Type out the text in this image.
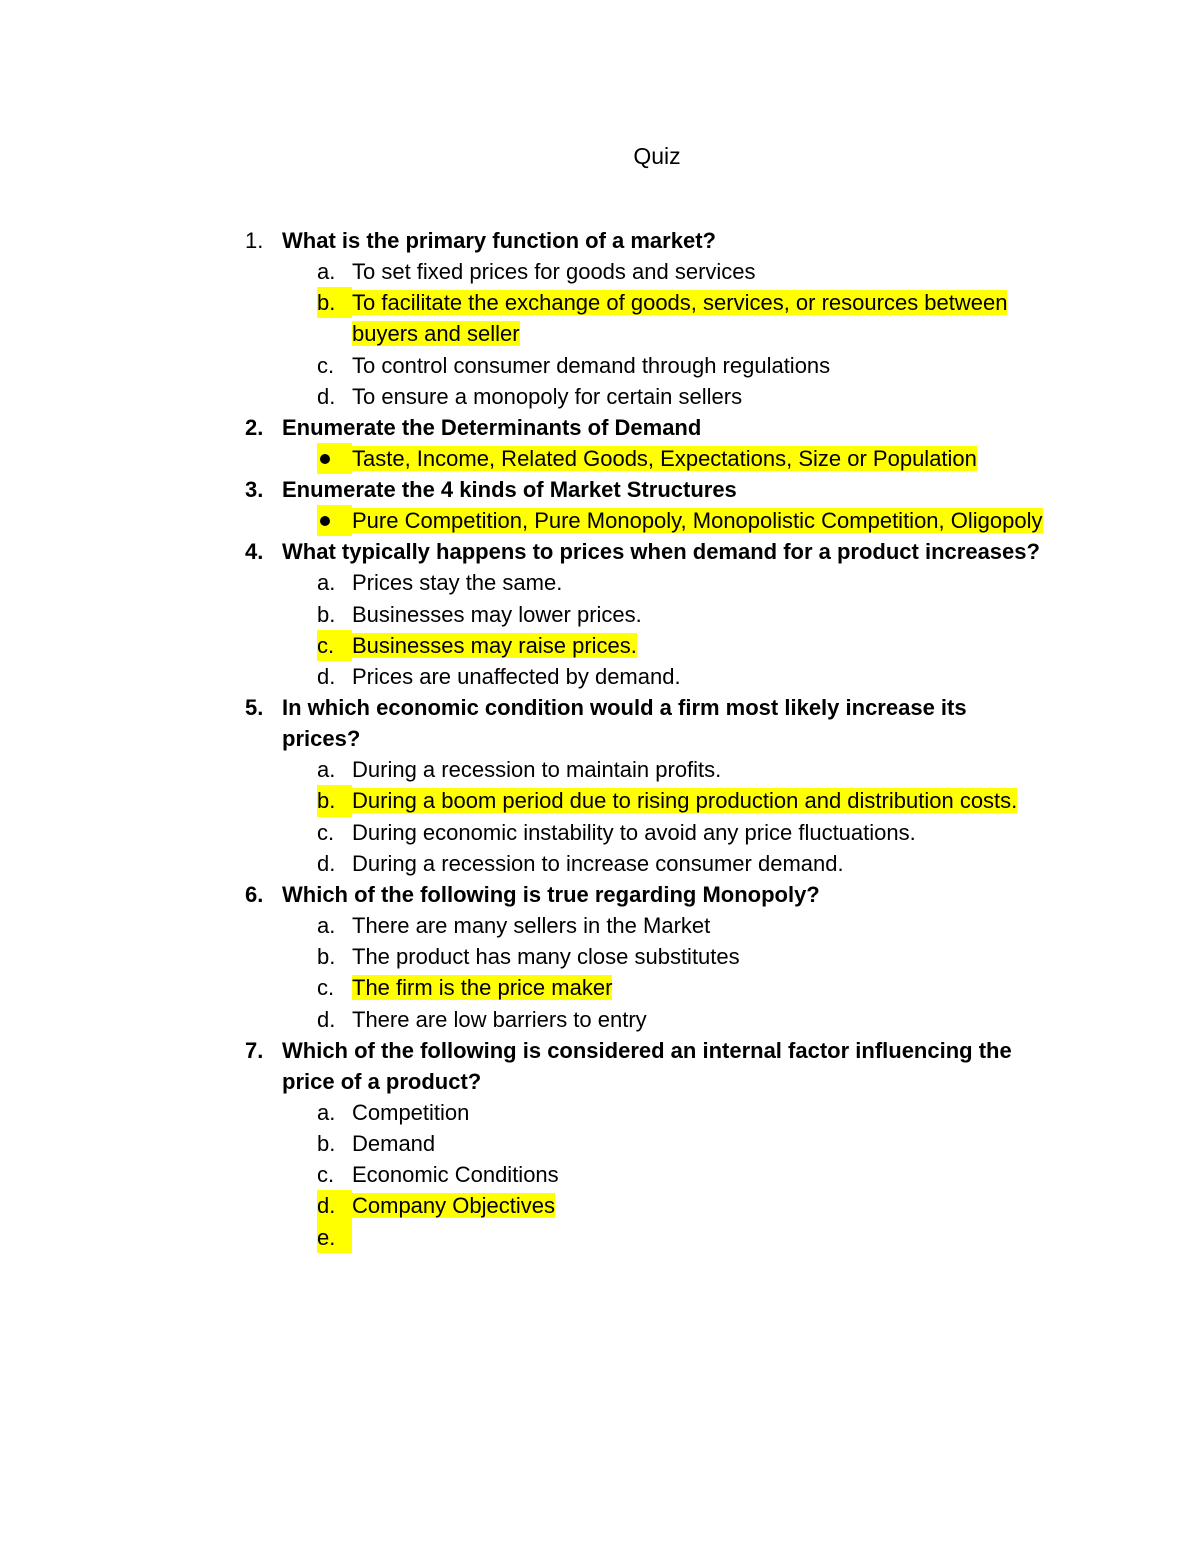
Quiz
1. What is the primary function of a market?
a. To set fixed prices for goods and services
b. To facilitate the exchange of goods, services, or resources between buyers and seller
c. To control consumer demand through regulations
d. To ensure a monopoly for certain sellers
2. Enumerate the Determinants of Demand
Taste, Income, Related Goods, Expectations, Size or Population
3. Enumerate the 4 kinds of Market Structures
Pure Competition, Pure Monopoly, Monopolistic Competition, Oligopoly
4. What typically happens to prices when demand for a product increases?
a. Prices stay the same.
b. Businesses may lower prices.
c. Businesses may raise prices.
d. Prices are unaffected by demand.
5. In which economic condition would a firm most likely increase its prices?
a. During a recession to maintain profits.
b. During a boom period due to rising production and distribution costs.
c. During economic instability to avoid any price fluctuations.
d. During a recession to increase consumer demand.
6. Which of the following is true regarding Monopoly?
a. There are many sellers in the Market
b. The product has many close substitutes
c. The firm is the price maker
d. There are low barriers to entry
7. Which of the following is considered an internal factor influencing the price of a product?
a. Competition
b. Demand
c. Economic Conditions
d. Company Objectives
e.
